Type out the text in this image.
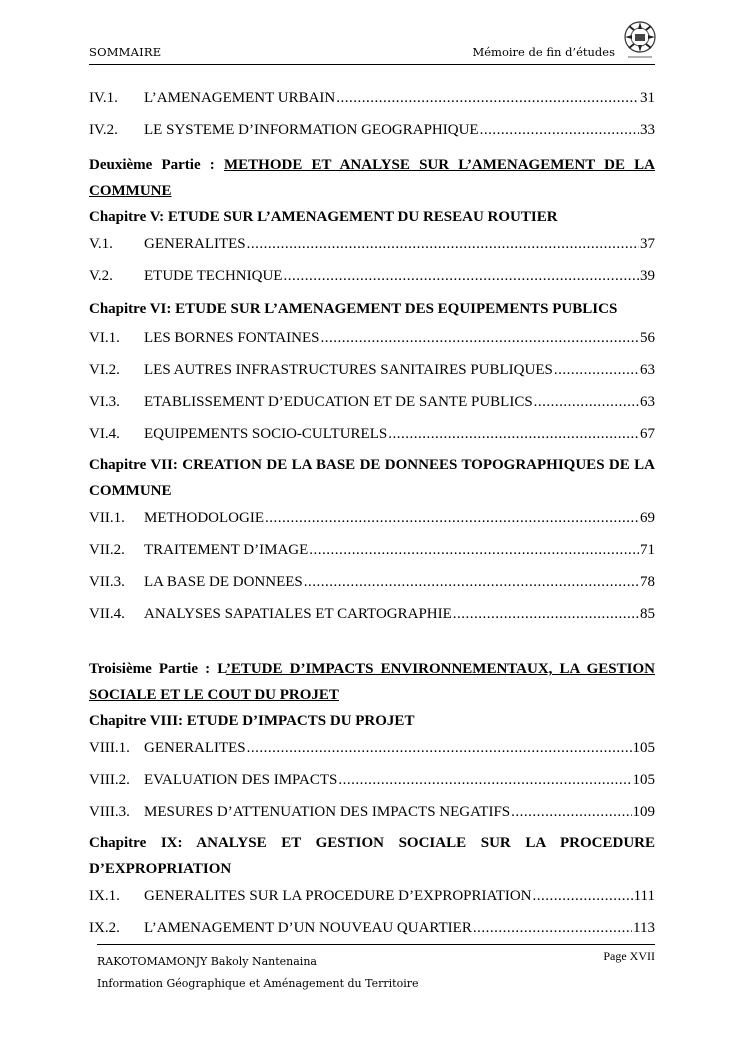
SOMMAIRE	Mémoire de fin d’études
IV.1.	L’AMENAGEMENT URBAIN .....	31
IV.2.	LE SYSTEME D’INFORMATION GEOGRAPHIQUE .....	33
Deuxième Partie : METHODE ET ANALYSE SUR L’AMENAGEMENT DE LA COMMUNE
Chapitre V: ETUDE SUR L’AMENAGEMENT DU RESEAU ROUTIER
V.1.	GENERALITES .....	37
V.2.	ETUDE TECHNIQUE .....	39
Chapitre VI: ETUDE SUR L’AMENAGEMENT DES EQUIPEMENTS PUBLICS
VI.1.	LES BORNES FONTAINES .....	56
VI.2.	LES AUTRES INFRASTRUCTURES SANITAIRES PUBLIQUES .....	63
VI.3.	ETABLISSEMENT D’EDUCATION ET DE SANTE PUBLICS .....	63
VI.4.	EQUIPEMENTS SOCIO-CULTURELS .....	67
Chapitre VII: CREATION DE LA BASE DE DONNEES TOPOGRAPHIQUES DE LA COMMUNE
VII.1.	METHODOLOGIE .....	69
VII.2.	TRAITEMENT D’IMAGE .....	71
VII.3.	LA BASE DE DONNEES .....	78
VII.4.	ANALYSES SAPATIALES ET CARTOGRAPHIE .....	85
Troisième Partie : L’ETUDE D’IMPACTS ENVIRONNEMENTAUX, LA GESTION SOCIALE ET LE COUT DU PROJET
Chapitre VIII: ETUDE D’IMPACTS DU PROJET
VIII.1. GENERALITES .....	105
VIII.2. EVALUATION DES IMPACTS .....	105
VIII.3. MESURES D’ATTENUATION DES IMPACTS NEGATIFS .....	109
Chapitre IX: ANALYSE ET GESTION SOCIALE SUR LA PROCEDURE D’EXPROPRIATION
IX.1.	GENERALITES SUR LA PROCEDURE D’EXPROPRIATION .....	111
IX.2.	L’AMENAGEMENT D’UN NOUVEAU QUARTIER .....	113
RAKOTOMAMONJY Bakoly Nantenaina
Information Géographique et Aménagement du Territoire
Page XVII
